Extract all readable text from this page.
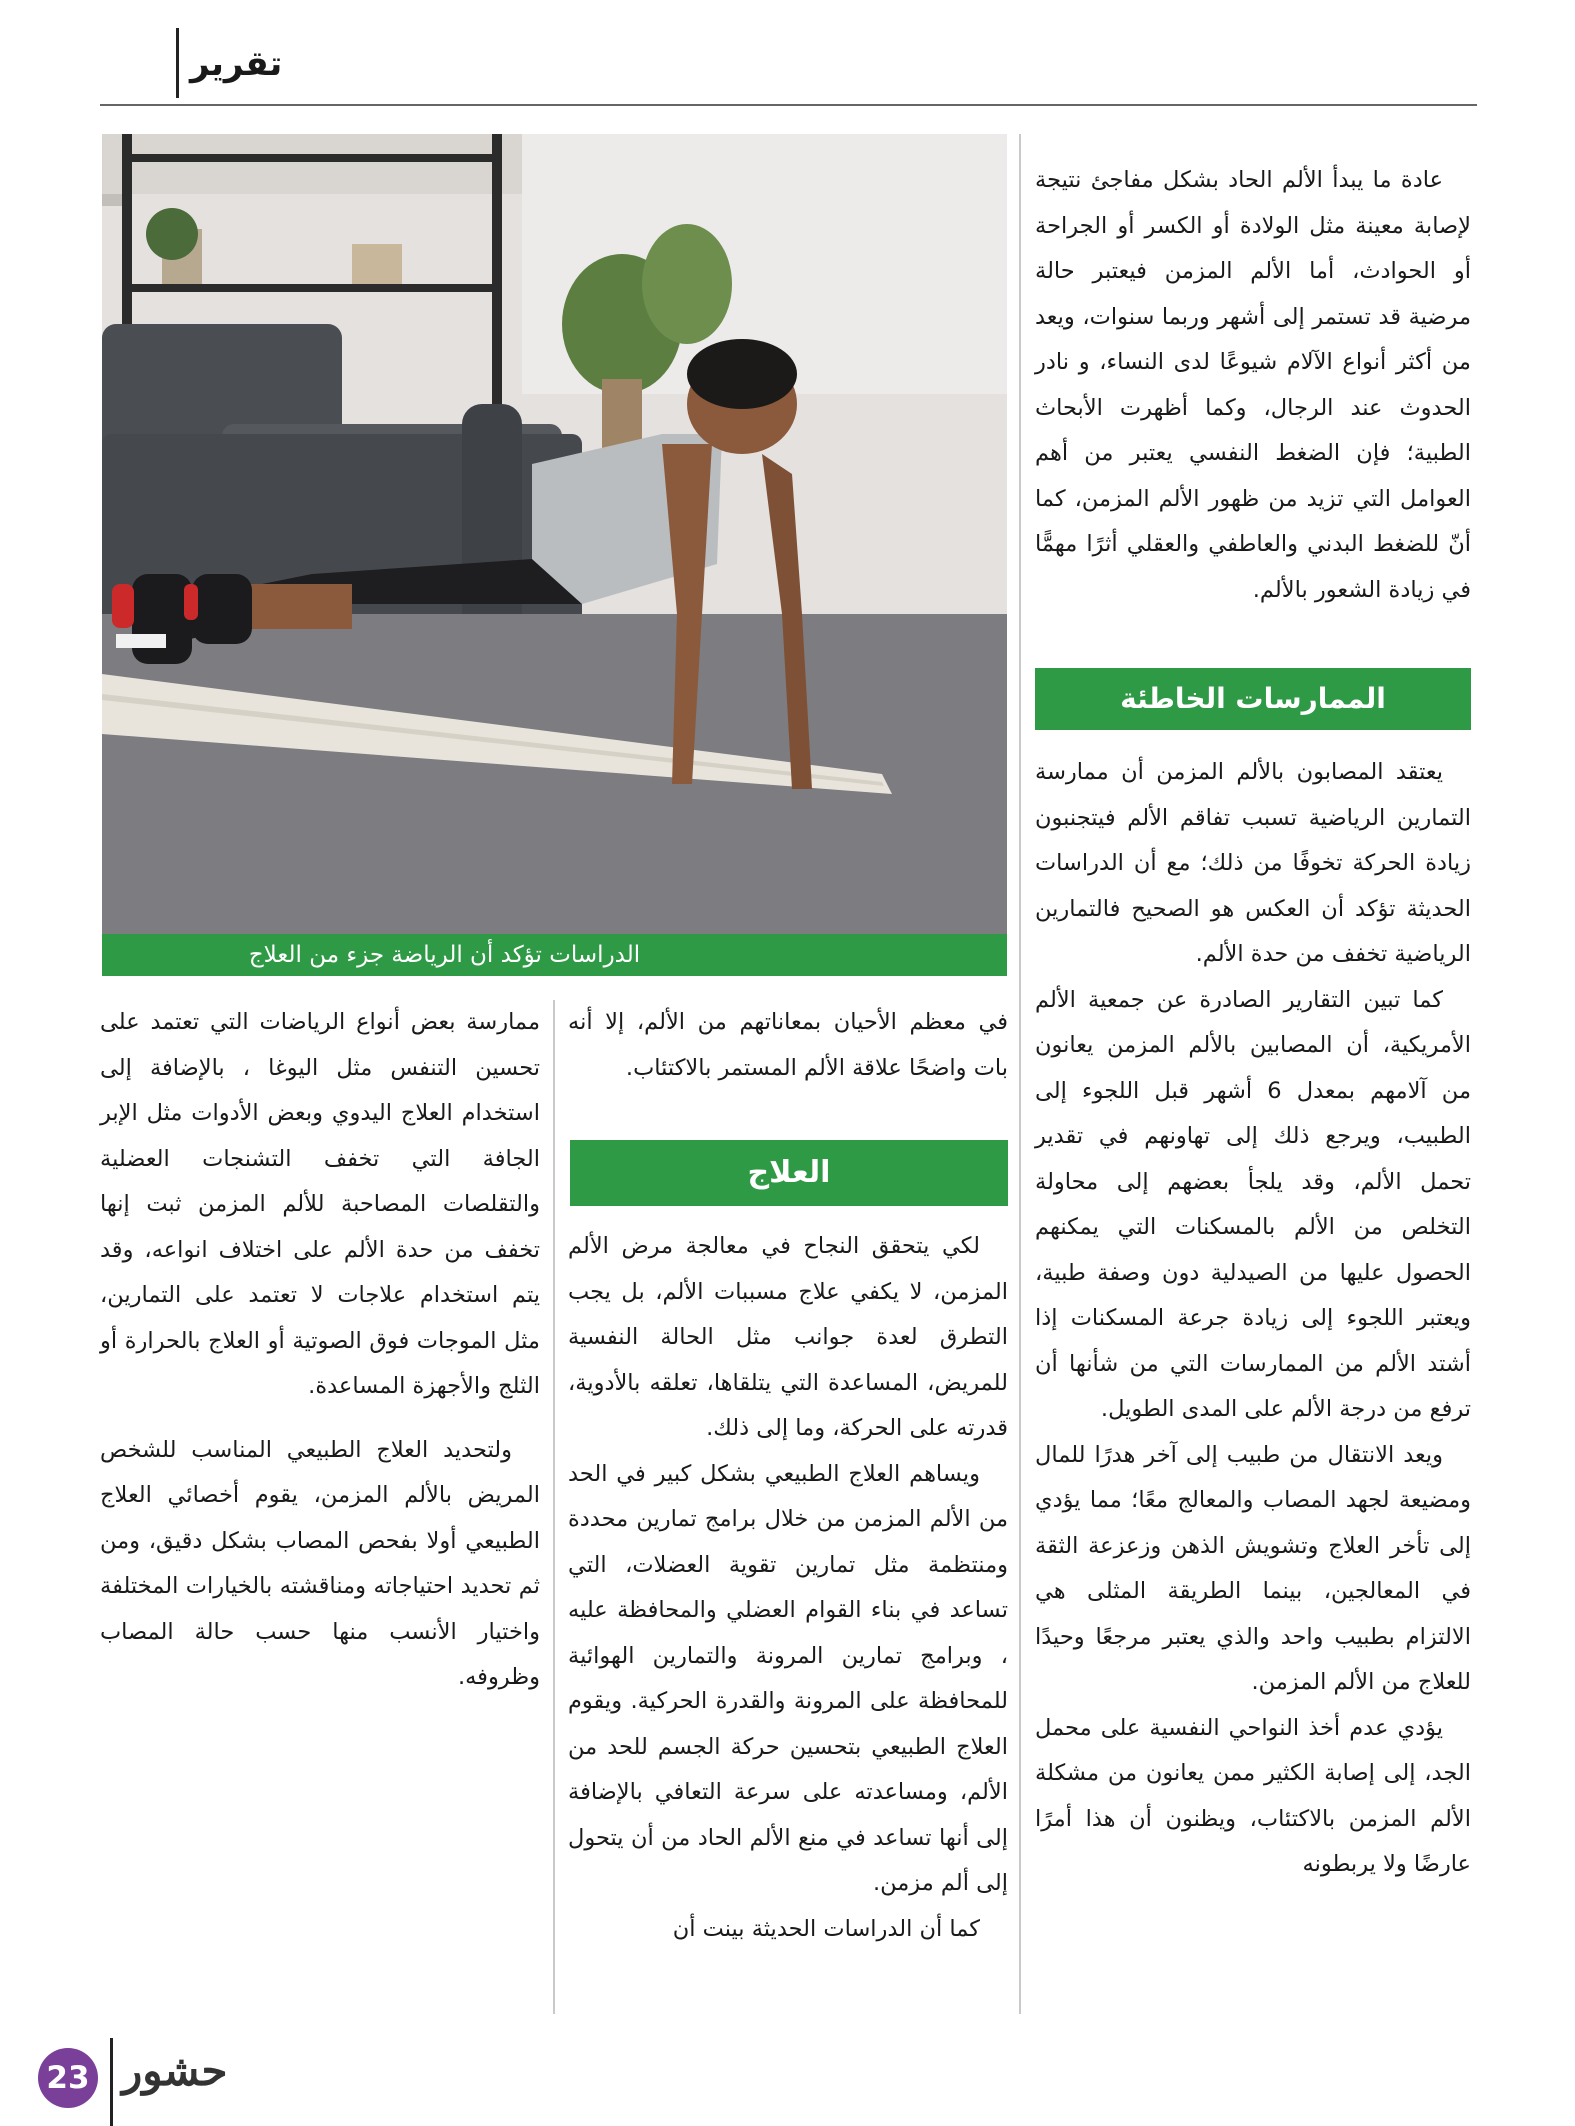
تقرير
الدراسات تؤكد أن الرياضة جزء من العلاج

عادة ما يبدأ الألم الحاد بشكل مفاجئ نتيجة لإصابة معينة مثل الولادة أو الكسر أو الجراحة أو الحوادث، أما الألم المزمن فيعتبر حالة مرضية قد تستمر إلى أشهر وربما سنوات، ويعد من أكثر أنواع الآلام شيوعًا لدى النساء، و نادر الحدوث عند الرجال، وكما أظهرت الأبحاث الطبية؛ فإن الضغط النفسي يعتبر من أهم العوامل التي تزيد من ظهور الألم المزمن، كما أنّ للضغط البدني والعاطفي والعقلي أثرًا مهمًّا في زيادة الشعور بالألم.

الممارسات الخاطئة

يعتقد المصابون بالألم المزمن أن ممارسة التمارين الرياضية تسبب تفاقم الألم فيتجنبون زيادة الحركة تخوفًا من ذلك؛ مع أن الدراسات الحديثة تؤكد أن العكس هو الصحيح فالتمارين الرياضية تخفف من حدة الألم.

كما تبين التقارير الصادرة عن جمعية الألم الأمريكية، أن المصابين بالألم المزمن يعانون من آلامهم بمعدل 6 أشهر قبل اللجوء إلى الطبيب، ويرجع ذلك إلى تهاونهم في تقدير تحمل الألم، وقد يلجأ بعضهم إلى محاولة التخلص من الألم بالمسكنات التي يمكنهم الحصول عليها من الصيدلية دون وصفة طبية، ويعتبر اللجوء إلى زيادة جرعة المسكنات إذا أشتد الألم من الممارسات التي من شأنها أن ترفع من درجة الألم على المدى الطويل.

ويعد الانتقال من طبيب إلى آخر هدرًا للمال ومضيعة لجهد المصاب والمعالج معًا؛ مما يؤدي إلى تأخر العلاج وتشويش الذهن وزعزعة الثقة في المعالجين، بينما الطريقة المثلى هي الالتزام بطبيب واحد والذي يعتبر مرجعًا وحيدًا للعلاج من الألم المزمن.

يؤدي عدم أخذ النواحي النفسية على محمل الجد، إلى إصابة الكثير ممن يعانون من مشكلة الألم المزمن بالاكتئاب، ويظنون أن هذا أمرًا عارضًا ولا يربطونه

في معظم الأحيان بمعاناتهم من الألم، إلا أنه بات واضحًا علاقة الألم المستمر بالاكتئاب.

العلاج

لكي يتحقق النجاح في معالجة مرض الألم المزمن، لا يكفي علاج مسببات الألم، بل يجب التطرق لعدة جوانب مثل الحالة النفسية للمريض، المساعدة التي يتلقاها، تعلقه بالأدوية، قدرته على الحركة، وما إلى ذلك.

ويساهم العلاج الطبيعي بشكل كبير في الحد من الألم المزمن من خلال برامج تمارين محددة ومنتظمة مثل تمارين تقوية العضلات، التي تساعد في بناء القوام العضلي والمحافظة عليه ، وبرامج تمارين المرونة والتمارين الهوائية للمحافظة على المرونة والقدرة الحركية. ويقوم العلاج الطبيعي بتحسين حركة الجسم للحد من الألم، ومساعدته على سرعة التعافي بالإضافة إلى أنها تساعد في منع الألم الحاد من أن يتحول إلى ألم مزمن.

كما أن الدراسات الحديثة بينت أن

ممارسة بعض أنواع الرياضات التي تعتمد على تحسين التنفس مثل اليوغا ، بالإضافة إلى استخدام العلاج اليدوي وبعض الأدوات مثل الإبر الجافة التي تخفف التشنجات العضلية والتقلصات المصاحبة للألم المزمن ثبت إنها تخفف من حدة الألم على اختلاف انواعه، وقد يتم استخدام علاجات لا تعتمد على التمارين، مثل الموجات فوق الصوتية أو العلاج بالحرارة أو الثلج والأجهزة المساعدة.

ولتحديد العلاج الطبيعي المناسب للشخص المريض بالألم المزمن، يقوم أخصائي العلاج الطبيعي أولا بفحص المصاب بشكل دقيق، ومن ثم تحديد احتياجاته ومناقشته بالخيارات المختلفة واختيار الأنسب منها حسب حالة المصاب وظروفه.

23 حشور
